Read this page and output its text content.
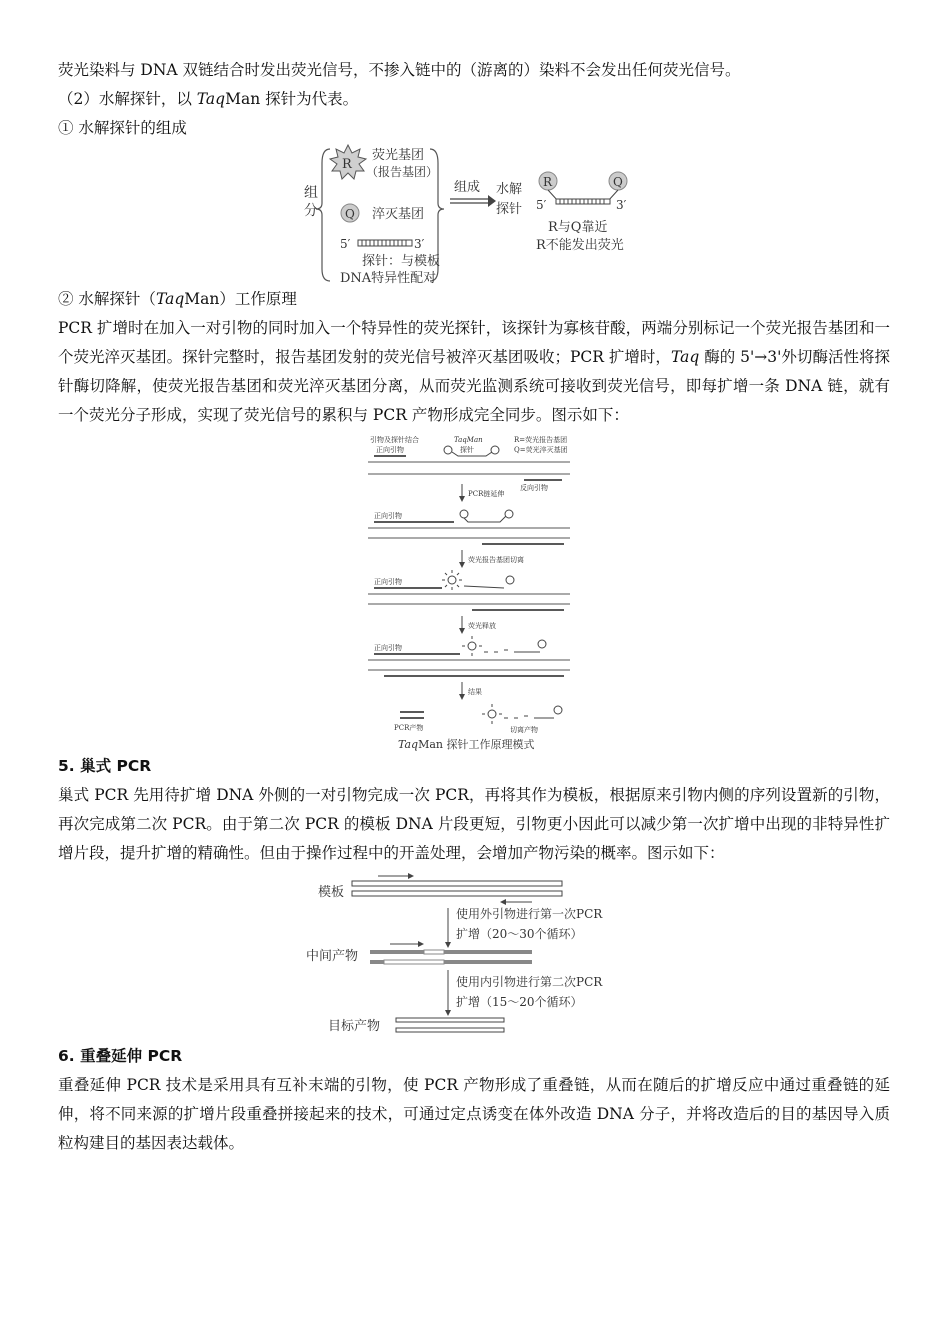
荧光染料与 DNA 双链结合时发出荧光信号，不掺入链中的（游离的）染料不会发出任何荧光信号。

（2）水解探针，以 TaqMan 探针为代表。
① 水解探针的组成
组
分
R
荧光基团
（报告基团）
Q 淬灭基团
5′	3′
探针：与模板
DNA特异性配对
组成 水解
探针
R	Q
5′	3′
R与Q靠近
R不能发出荧光
② 水解探针（TaqMan）工作原理

PCR 扩增时在加入一对引物的同时加入一个特异性的荧光探针，该探针为寡核苷酸，两端分别标记一个荧光报告基团和一个荧光淬灭基团。探针完整时，报告基团发射的荧光信号被淬灭基团吸收；PCR 扩增时，Taq 酶的 5'→3'外切酶活性将探针酶切降解，使荧光报告基团和荧光淬灭基团分离，从而荧光监测系统可接收到荧光信号，即每扩增一条 DNA 链，就有一个荧光分子形成，实现了荧光信号的累积与 PCR 产物形成完全同步。图示如下：

引物及探针结合	TaqMan	R=荧光报告基团
Q=荧光淬灭基团
正向引物	探针
反向引物
PCR链延伸
正向引物
荧光报告基团切离
正向引物
荧光释放
正向引物
结果
PCR产物	切离产物
TaqMan 探针工作原理模式
5. 巢式 PCR

巢式 PCR 先用待扩增 DNA 外侧的一对引物完成一次 PCR，再将其作为模板，根据原来引物内侧的序列设置新的引物，再次完成第二次 PCR。由于第二次 PCR 的模板 DNA 片段更短，引物更小因此可以减少第一次扩增中出现的非特异性扩增片段，提升扩增的精确性。但由于操作过程中的开盖处理，会增加产物污染的概率。图示如下：

模板
使用外引物进行第一次PCR
扩增（20～30个循环）
中间产物
使用内引物进行第二次PCR
扩增（15～20个循环）
目标产物
6. 重叠延伸 PCR

重叠延伸 PCR 技术是采用具有互补末端的引物，使 PCR 产物形成了重叠链，从而在随后的扩增反应中通过重叠链的延伸，将不同来源的扩增片段重叠拼接起来的技术，可通过定点诱变在体外改造 DNA 分子，并将改造后的目的基因导入质粒构建目的基因表达载体。
